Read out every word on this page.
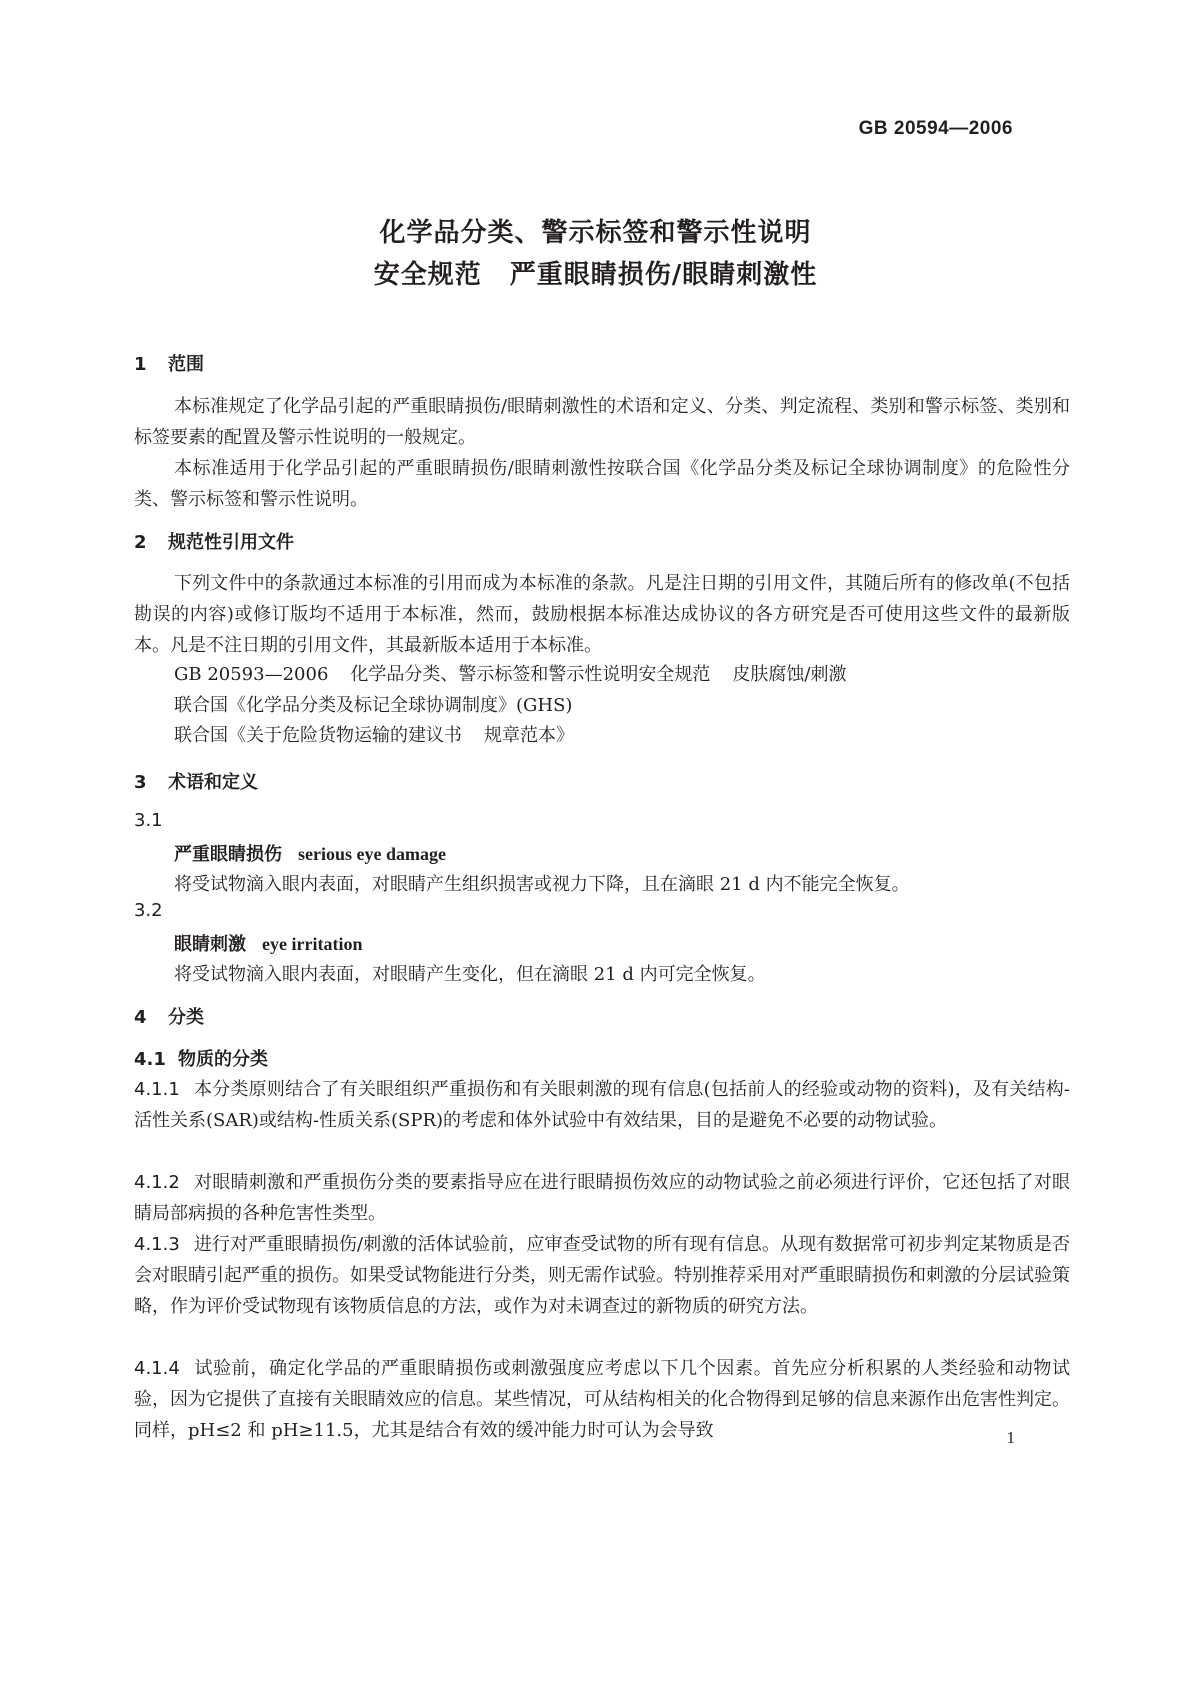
GB 20594—2006
化学品分类、警示标签和警示性说明
安全规范 严重眼睛损伤/眼睛刺激性
1 范围
本标准规定了化学品引起的严重眼睛损伤/眼睛刺激性的术语和定义、分类、判定流程、类别和警示标签、类别和标签要素的配置及警示性说明的一般规定。
本标准适用于化学品引起的严重眼睛损伤/眼睛刺激性按联合国《化学品分类及标记全球协调制度》的危险性分类、警示标签和警示性说明。
2 规范性引用文件
下列文件中的条款通过本标准的引用而成为本标准的条款。凡是注日期的引用文件，其随后所有的修改单(不包括勘误的内容)或修订版均不适用于本标准，然而，鼓励根据本标准达成协议的各方研究是否可使用这些文件的最新版本。凡是不注日期的引用文件，其最新版本适用于本标准。
GB 20593—2006 化学品分类、警示标签和警示性说明安全规范 皮肤腐蚀/刺激
联合国《化学品分类及标记全球协调制度》(GHS)
联合国《关于危险货物运输的建议书 规章范本》
3 术语和定义
3.1
严重眼睛损伤 serious eye damage
将受试物滴入眼内表面，对眼睛产生组织损害或视力下降，且在滴眼 21 d 内不能完全恢复。
3.2
眼睛刺激 eye irritation
将受试物滴入眼内表面，对眼睛产生变化，但在滴眼 21 d 内可完全恢复。
4 分类
4.1 物质的分类
4.1.1 本分类原则结合了有关眼组织严重损伤和有关眼刺激的现有信息(包括前人的经验或动物的资料)，及有关结构-活性关系(SAR)或结构-性质关系(SPR)的考虑和体外试验中有效结果，目的是避免不必要的动物试验。
4.1.2 对眼睛刺激和严重损伤分类的要素指导应在进行眼睛损伤效应的动物试验之前必须进行评价，它还包括了对眼睛局部病损的各种危害性类型。
4.1.3 进行对严重眼睛损伤/刺激的活体试验前，应审查受试物的所有现有信息。从现有数据常可初步判定某物质是否会对眼睛引起严重的损伤。如果受试物能进行分类，则无需作试验。特别推荐采用对严重眼睛损伤和刺激的分层试验策略，作为评价受试物现有该物质信息的方法，或作为对未调查过的新物质的研究方法。
4.1.4 试验前，确定化学品的严重眼睛损伤或刺激强度应考虑以下几个因素。首先应分析积累的人类经验和动物试验，因为它提供了直接有关眼睛效应的信息。某些情况，可从结构相关的化合物得到足够的信息来源作出危害性判定。同样，pH≤2 和 pH≥11.5，尤其是结合有效的缓冲能力时可认为会导致	1
